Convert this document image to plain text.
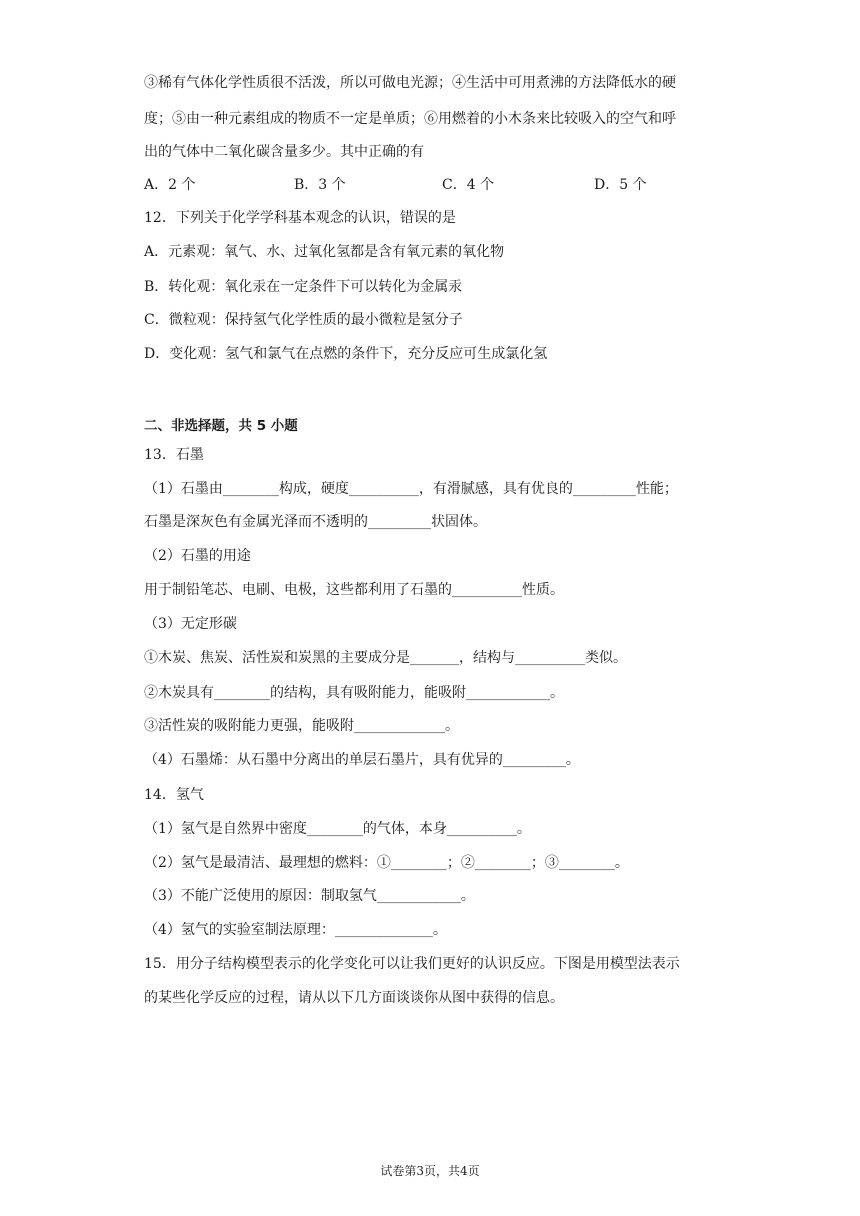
③稀有气体化学性质很不活泼，所以可做电光源；④生活中可用煮沸的方法降低水的硬
度；⑤由一种元素组成的物质不一定是单质；⑥用燃着的小木条来比较吸入的空气和呼
出的气体中二氧化碳含量多少。其中正确的有
A．2 个	B．3 个	C．4 个	D．5 个
12．下列关于化学学科基本观念的认识，错误的是
A．元素观：氧气、水、过氧化氢都是含有氧元素的氧化物
B．转化观：氧化汞在一定条件下可以转化为金属汞
C．微粒观：保持氢气化学性质的最小微粒是氢分子
D．变化观：氢气和氯气在点燃的条件下，充分反应可生成氯化氢
二、非选择题，共 5 小题
13．石墨
（1）石墨由________构成，硬度__________，有滑腻感，具有优良的_________性能；
石墨是深灰色有金属光泽而不透明的_________状固体。
（2）石墨的用途
用于制铅笔芯、电刷、电极，这些都利用了石墨的__________性质。
（3）无定形碳
①木炭、焦炭、活性炭和炭黑的主要成分是_______，结构与__________类似。
②木炭具有________的结构，具有吸附能力，能吸附____________。
③活性炭的吸附能力更强，能吸附_____________。
（4）石墨烯：从石墨中分离出的单层石墨片，具有优异的_________。
14．氢气
（1）氢气是自然界中密度________的气体，本身__________。
（2）氢气是最清洁、最理想的燃料：①________；②________；③________。
（3）不能广泛使用的原因：制取氢气____________。
（4）氢气的实验室制法原理：______________。
15．用分子结构模型表示的化学变化可以让我们更好的认识反应。下图是用模型法表示
的某些化学反应的过程，请从以下几方面谈谈你从图中获得的信息。
试卷第3页，共4页
